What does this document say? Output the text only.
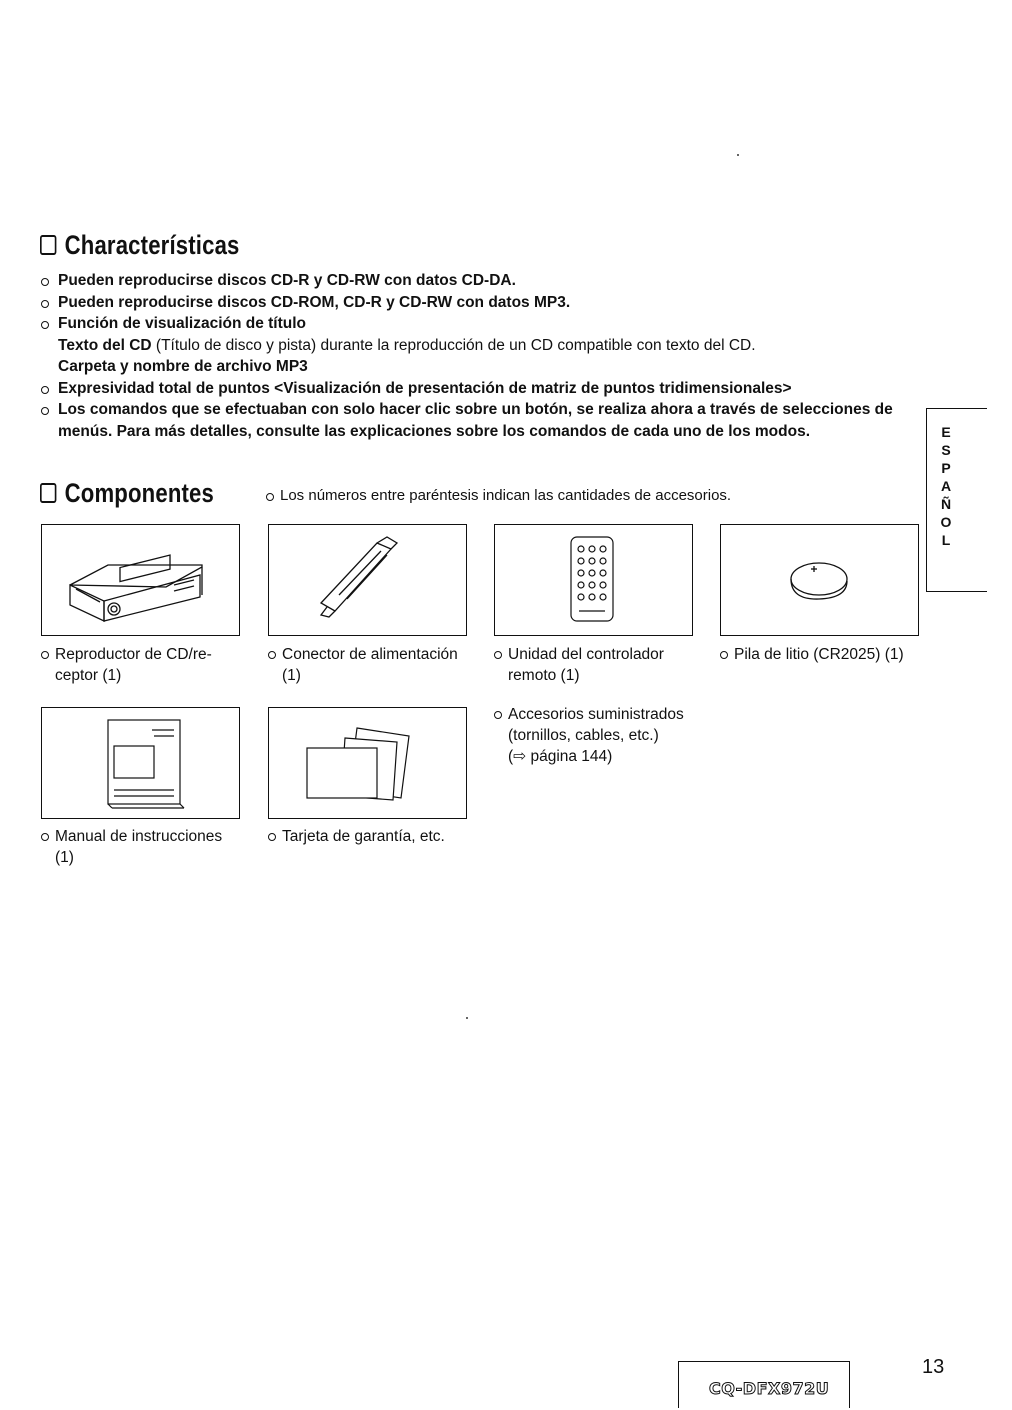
Characterísticas
Pueden reproducirse discos CD-R y CD-RW con datos CD-DA.
Pueden reproducirse discos CD-ROM, CD-R y CD-RW con datos MP3.
Función de visualización de título
Texto del CD (Título de disco y pista) durante la reproducción de un CD compatible con texto del CD.
Carpeta y nombre de archivo MP3
Expresividad total de puntos <Visualización de presentación de matriz de puntos tridimensionales>
Los comandos que se efectuaban con solo hacer clic sobre un botón, se realiza ahora a través de selecciones de menús. Para más detalles, consulte las explicaciones sobre los comandos de cada uno de los modos.
Componentes	Los números entre paréntesis indican las cantidades de accesorios.
Reproductor de CD/re-
ceptor (1)
Conector de alimentación
(1)
Unidad del controlador
remoto (1)
Pila de litio (CR2025) (1)
Manual de instrucciones
(1)
Tarjeta de garantía, etc.
Accesorios suministrados
(tornillos, cables, etc.)
(⇨ página 144)
E
S
P
A
Ñ
O
L
CQ-DFX972U
13
